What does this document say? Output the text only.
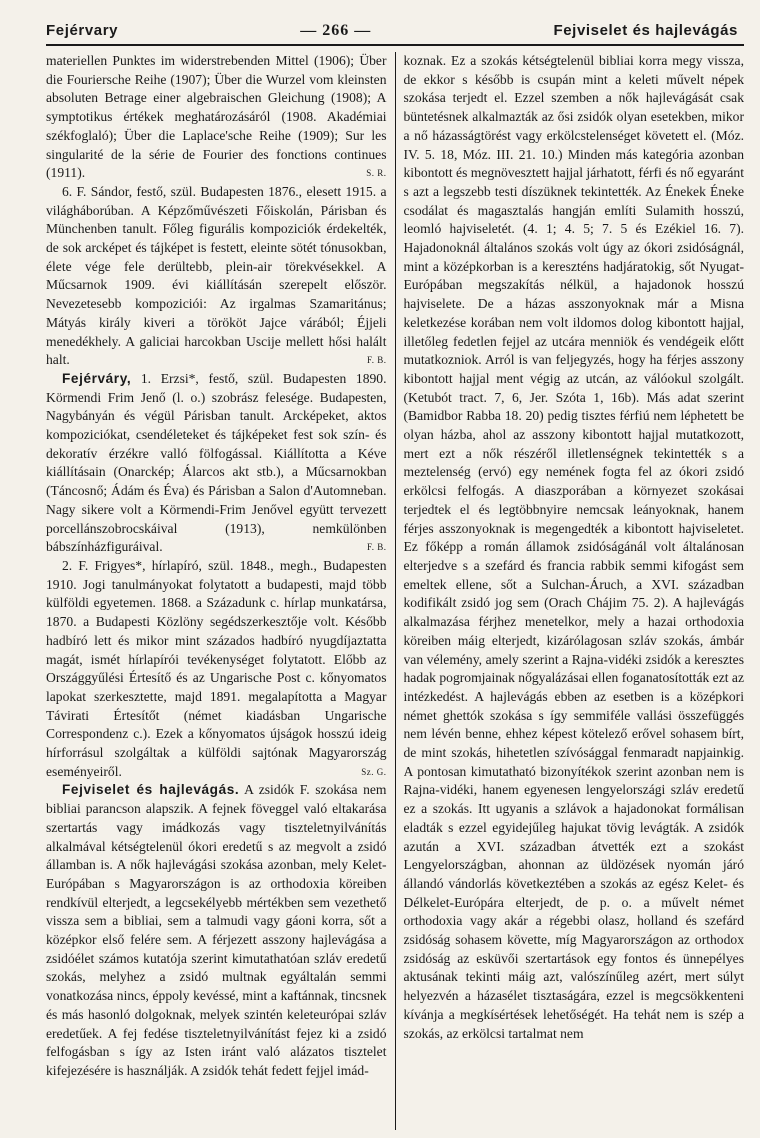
Fejérvary	— 266 —	Fejviselet és hajlevágás

materiellen Punktes im widerstrebenden Mittel (1906); Über die Fouriersche Reihe (1907); Über die Wurzel vom kleinsten absoluten Betrage einer algebraischen Gleichung (1908); A symptotikus értékek meghatározásáról (1908. Akadémiai székfoglaló); Über die Laplace'sche Reihe (1909); Sur les singularité de la série de Fourier des fonctions continues (1911).	S. R.

6. F. Sándor, festő, szül. Budapesten 1876., elesett 1915. a világháborúban. A Képzőművészeti Főiskolán, Párisban és Münchenben tanult. Főleg figurális kompoziciók érdekelték, de sok arcképet és tájképet is festett, eleinte sötét tónusokban, élete vége fele derültebb, plein-air törekvésekkel. A Műcsarnok 1909. évi kiállításán szerepelt először. Nevezetesebb kompoziciói: Az irgalmas Szamaritánus; Mátyás király kiveri a törököt Jajce várából; Éjjeli menedékhely. A galiciai harcokban Uscije mellett hősi halált halt.	F. B.

Fejérváry, 1. Erzsi*, festő, szül. Budapesten 1890. Körmendi Frim Jenő (l. o.) szobrász felesége. Budapesten, Nagybányán és végül Párisban tanult. Arcképeket, aktos kompoziciókat, csendéleteket és tájképeket fest sok szín- és dekoratív érzékre valló fölfogással. Kiállította a Kéve kiállításain (Onarckép; Álarcos akt stb.), a Műcsarnokban (Táncosnő; Ádám és Éva) és Párisban a Salon d'Automneban. Nagy sikere volt a Körmendi-Frim Jenővel együtt tervezett porcellánszobrocskáival (1913), nemkülönben bábszínházfiguráival.	F. B.

2. F. Frigyes*, hírlapíró, szül. 1848., megh., Budapesten 1910. Jogi tanulmányokat folytatott a budapesti, majd több külföldi egyetemen. 1868. a Századunk c. hírlap munkatársa, 1870. a Budapesti Közlöny segédszerkesztője volt. Később hadbíró lett és mikor mint százados hadbíró nyugdíjaztatta magát, ismét hírlapírói tevékenységet folytatott. Előbb az Országgyűlési Értesítő és az Ungarische Post c. kőnyomatos lapokat szerkesztette, majd 1891. megalapította a Magyar Távirati Értesítőt (német kiadásban Ungarische Correspondenz c.). Ezek a kőnyomatos újságok hosszú ideig hírforrásul szolgáltak a külföldi sajtónak Magyarország eseményeiről.	Sz. G.

Fejviselet és hajlevágás. A zsidók F. szokása nem bibliai parancson alapszik. A fejnek föveggel való eltakarása szertartás vagy imádkozás vagy tiszteletnyilvánítás alkalmával kétségtelenül ókori eredetű s az megvolt a zsidó államban is. A nők hajlevágási szokása azonban, mely Kelet-Európában s Magyarországon is az orthodoxia köreiben rendkívül elterjedt, a legcsekélyebb mértékben sem vezethető vissza sem a bibliai, sem a talmudi vagy gáoni korra, sőt a középkor első felére sem. A férjezett asszony hajlevágása a zsidóélet számos kutatója szerint kimutathatóan szláv eredetű szokás, melyhez a zsidó multnak egyáltalán semmi vonatkozása nincs, éppoly kevéssé, mint a kaftánnak, tincsnek és más hasonló dolgoknak, melyek szintén keleteurópai szláv eredetűek. A fej fedése tiszteletnyilvánítást fejez ki a zsidó felfogásban s így az Isten iránt való alázatos tisztelet kifejezésére is használják. A zsidók tehát fedett fejjel imád-

koznak. Ez a szokás kétségtelenül bibliai korra megy vissza, de ekkor s később is csupán mint a keleti művelt népek szokása terjedt el. Ezzel szemben a nők hajlevágását csak büntetésnek alkalmazták az ősi zsidók olyan esetekben, mikor a nő házasságtörést vagy erkölcstelenséget követett el. (Móz. IV. 5. 18, Móz. III. 21. 10.) Minden más kategória azonban kibontott és megnövesztett hajjal járhatott, férfi és nő egyaránt s azt a legszebb testi díszüknek tekintették. Az Énekek Éneke csodálat és magasztalás hangján említi Sulamith hosszú, leomló hajviseletét. (4. 1; 4. 5; 7. 5 és Ezékiel 16. 7). Hajadonoknál általános szokás volt úgy az ókori zsidóságnál, mint a középkorban is a kereszténs hadjáratokig, sőt Nyugat-Európában megszakítás nélkül, a hajadonok hosszú hajviselete. De a házas asszonyoknak már a Misna keletkezése korában nem volt ildomos dolog kibontott hajjal, illetőleg fedetlen fejjel az utcára menniök és vendégeik előtt mutatkozniok. Arról is van feljegyzés, hogy ha férjes asszony kibontott hajjal ment végig az utcán, az válóokul szolgált. (Ketubót tract. 7, 6, Jer. Szóta 1, 16b). Más adat szerint (Bamidbor Rabba 18. 20) pedig tisztes férfiú nem léphetett be olyan házba, ahol az asszony kibontott hajjal mutatkozott, mert ezt a nők részéről illetlenségnek tekintették s a meztelenség (ervó) egy nemének fogta fel az ókori zsidó erkölcsi felfogás. A diaszporában a környezet szokásai terjedtek el és legtöbbnyire nemcsak leányoknak, hanem férjes asszonyoknak is megengedték a kibontott hajviseletet. Ez főképp a román államok zsidóságánál volt általánosan elterjedve s a szefárd és francia rabbik semmi kifogást sem emeltek ellene, sőt a Sulchan-Áruch, a XVI. században kodifikált zsidó jog sem (Orach Chájim 75. 2). A hajlevágás alkalmazása férjhez menetelkor, mely a hazai orthodoxia köreiben máig elterjedt, kizárólagosan szláv szokás, ámbár van vélemény, amely szerint a Rajna-vidéki zsidók a keresztes hadak pogromjainak nőgyalázásai ellen foganatosították ezt az intézkedést. A hajlevágás ebben az esetben is a középkori német ghettók szokása s így semmiféle vallási összefüggés nem lévén benne, ehhez képest kötelező erővel sohasem bírt, de mint szokás, hihetetlen szívósággal fenmaradt napjainkig. A pontosan kimutatható bizonyítékok szerint azonban nem is Rajna-vidéki, hanem egyenesen lengyelországi szláv eredetű ez a szokás. Itt ugyanis a szlávok a hajadonokat formálisan eladták s ezzel egyidejűleg hajukat tövig levágták. A zsidók azután a XVI. században átvették ezt a szokást Lengyelországban, ahonnan az üldözések nyomán járó állandó vándorlás következtében a szokás az egész Kelet- és Délkelet-Európára elterjedt, de p. o. a művelt német orthodoxia vagy akár a régebbi olasz, holland és szefárd zsidóság sohasem követte, míg Magyarországon az orthodox zsidóság az esküvői szertartások egy fontos és ünnepélyes aktusának tekinti máig azt, valószínűleg azért, mert súlyt helyezvén a házasélet tisztaságára, ezzel is megcsökkenteni kívánja a megkísértések lehetőségét. Ha tehát nem is szép a szokás, az erkölcsi tartalmat nem
